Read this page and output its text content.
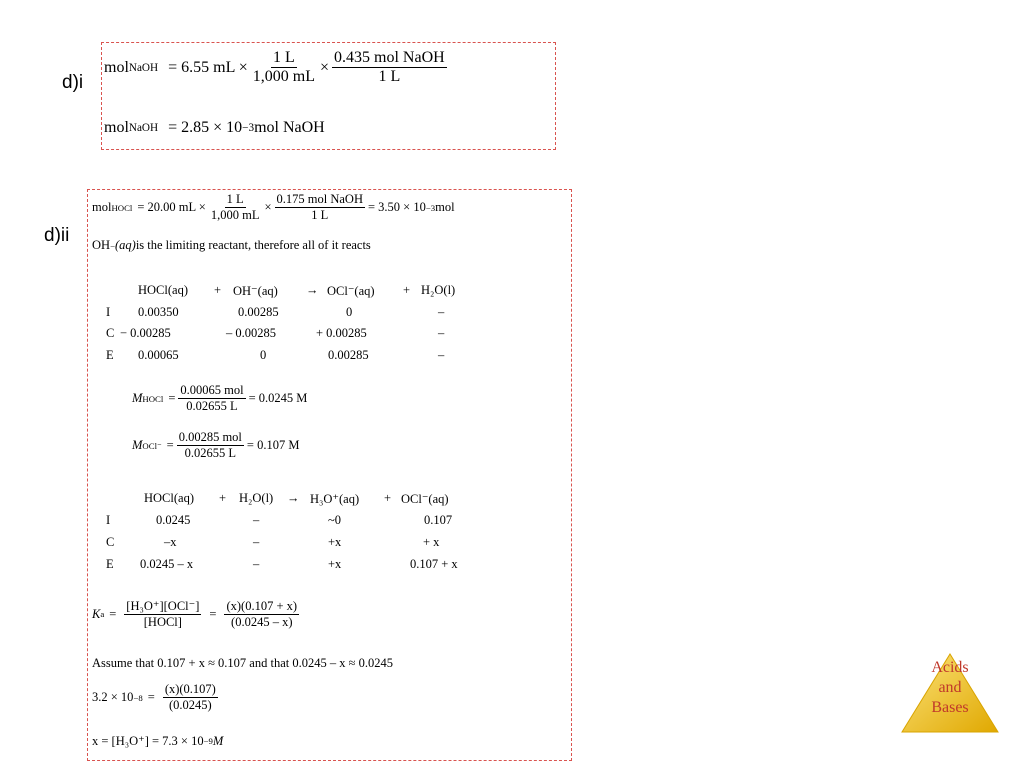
d)i
d)ii
mol NaOH = 6.55 mL × $\frac{1 L}{1,000 mL} \times \frac{\text{0.435 mol NaOH}}{1 L}$
mol NaOH = 2.85 × 10 −3 mol NaOH
mol HOCl = 20.00 mL × $\frac{1 L}{1,000 mL} \times \frac{\text{0.175 mol NaOH}}{1 L} = 3.50 \times 10 -3$ mol
OH − (aq) is the limiting reactant, therefore all of it reacts
HOCl(aq) + OH⁻(aq) → OCl⁻(aq) + H₂O(l)
I 0.00350	0.00285	0	–
C − 0.00285	– 0.00285	+ 0.00285	–
E 0.00065	0	0.00285	–
M HOCl = $\frac{\text{0.00065 mol}}{0.02655 L} = 0.0245$ M
M $OCl^- = \frac{\text{0.00285 mol}}{0.02655 L} = 0.107$ M
HOCl(aq) + H₂O(l) → H₃O⁺(aq) + OCl⁻(aq)
I	0.0245	–	~0	0.107
C	–x	–	+x	+ x
E 0.0245 – x	–	+x	0.107 + x
K $a = \frac{\text{[H₃O⁺][OCl⁻]}}{\text{[HOCl]}} = \frac{(x)(0.107 + x)}{(0.0245 - x)}$
Assume that 0.107 + x ≈ 0.107 and that 0.0245 – x ≈ 0.0245
$3.2 \times 10 -8 = \frac{(x)(0.107)}{(0.0245)}$
x = [H₃O⁺] = 7.3 × 10 −9 M
Acids
and
Bases
